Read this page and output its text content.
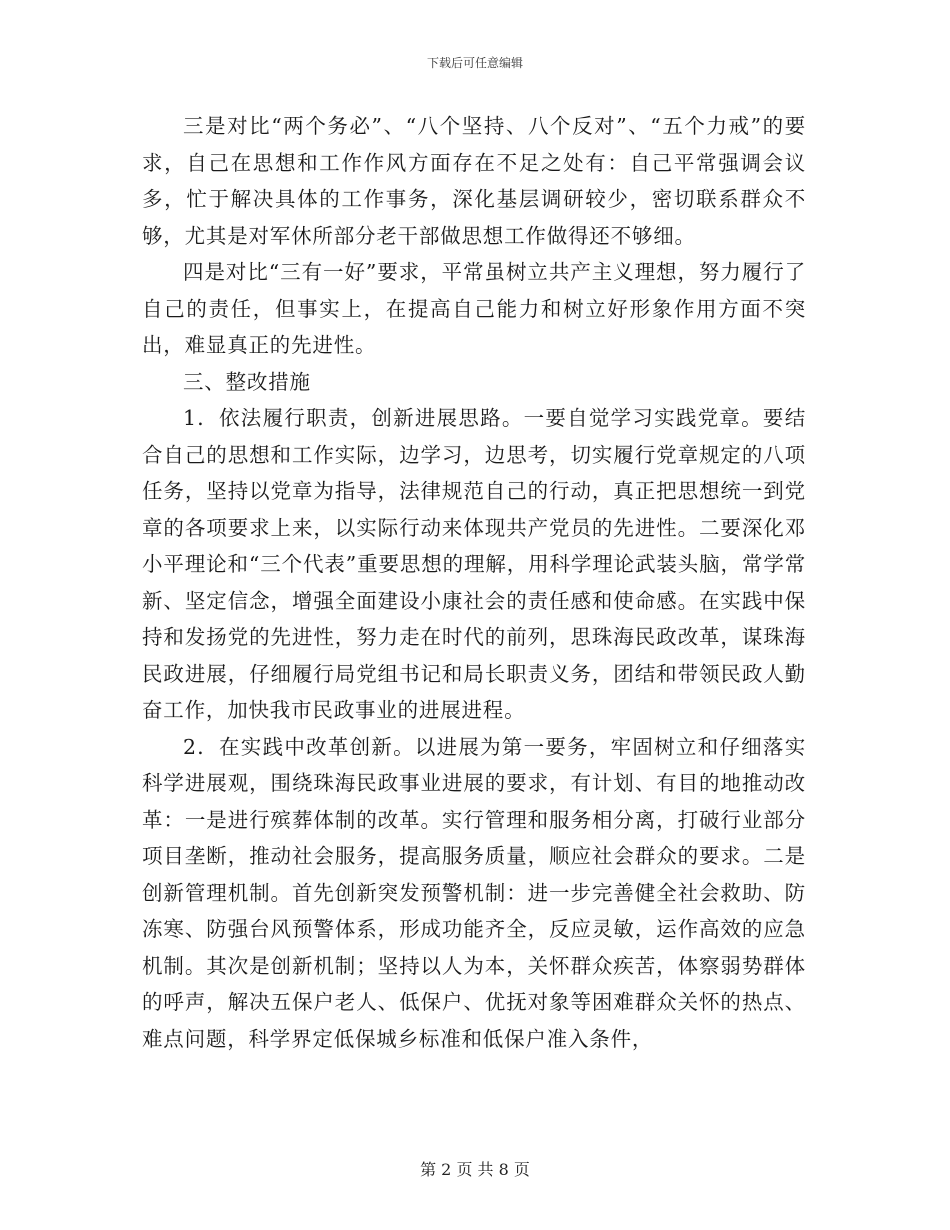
下载后可任意编辑

三是对比“两个务必”、“八个坚持、八个反对”、“五个力戒”的要求，自己在思想和工作作风方面存在不足之处有：自己平常强调会议多，忙于解决具体的工作事务，深化基层调研较少，密切联系群众不够，尤其是对军休所部分老干部做思想工作做得还不够细。

四是对比“三有一好”要求，平常虽树立共产主义理想，努力履行了自己的责任，但事实上，在提高自己能力和树立好形象作用方面不突出，难显真正的先进性。

三、整改措施

1．依法履行职责，创新进展思路。一要自觉学习实践党章。要结合自己的思想和工作实际，边学习，边思考，切实履行党章规定的八项任务，坚持以党章为指导，法律规范自己的行动，真正把思想统一到党章的各项要求上来，以实际行动来体现共产党员的先进性。二要深化邓小平理论和“三个代表”重要思想的理解，用科学理论武装头脑，常学常新、坚定信念，增强全面建设小康社会的责任感和使命感。在实践中保持和发扬党的先进性，努力走在时代的前列，思珠海民政改革，谋珠海民政进展，仔细履行局党组书记和局长职责义务，团结和带领民政人勤奋工作，加快我市民政事业的进展进程。

2．在实践中改革创新。以进展为第一要务，牢固树立和仔细落实科学进展观，围绕珠海民政事业进展的要求，有计划、有目的地推动改革：一是进行殡葬体制的改革。实行管理和服务相分离，打破行业部分项目垄断，推动社会服务，提高服务质量，顺应社会群众的要求。二是创新管理机制。首先创新突发预警机制：进一步完善健全社会救助、防冻寒、防强台风预警体系，形成功能齐全，反应灵敏，运作高效的应急机制。其次是创新机制；坚持以人为本，关怀群众疾苦，体察弱势群体的呼声，解决五保户老人、低保户、优抚对象等困难群众关怀的热点、难点问题，科学界定低保城乡标准和低保户准入条件，

第 2 页 共 8 页
